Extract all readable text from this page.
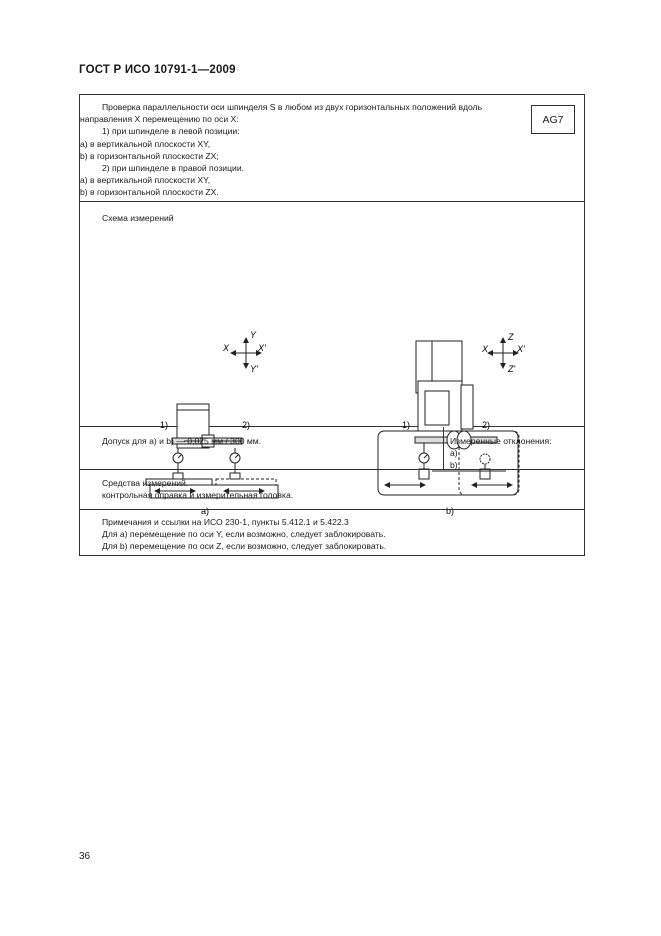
ГОСТ Р ИСО 10791-1—2009
Проверка параллельности оси шпинделя S в любом из двух горизонтальных положений вдоль
направления X перемещению по оси X:
1) при шпинделе в левой позиции:
a) в вертикальной плоскости XY,
b) в горизонтальной плоскости ZX;
2) при шпинделе в правой позиции.
a) в вертикальной плоскости XY,
b) в горизонтальной плоскости ZX.
AG7
Схема измерений
Y
Y'
X	X'
1)	2)
a)
Z
Z'
X	X'
1)	2)
b)
Допуск для а) и b) — 0,025 мм / 300 мм.	Измеренные отклонения:
a)
b)
Средства измерений.
контрольная оправка и измерительная головка.
Примечания и ссылки на ИСО 230-1, пункты 5.412.1 и 5.422.3
Для a) перемещение по оси Y, если возможно, следует заблокировать.
Для b) перемещение по оси Z, если возможно, следует заблокировать.
36
